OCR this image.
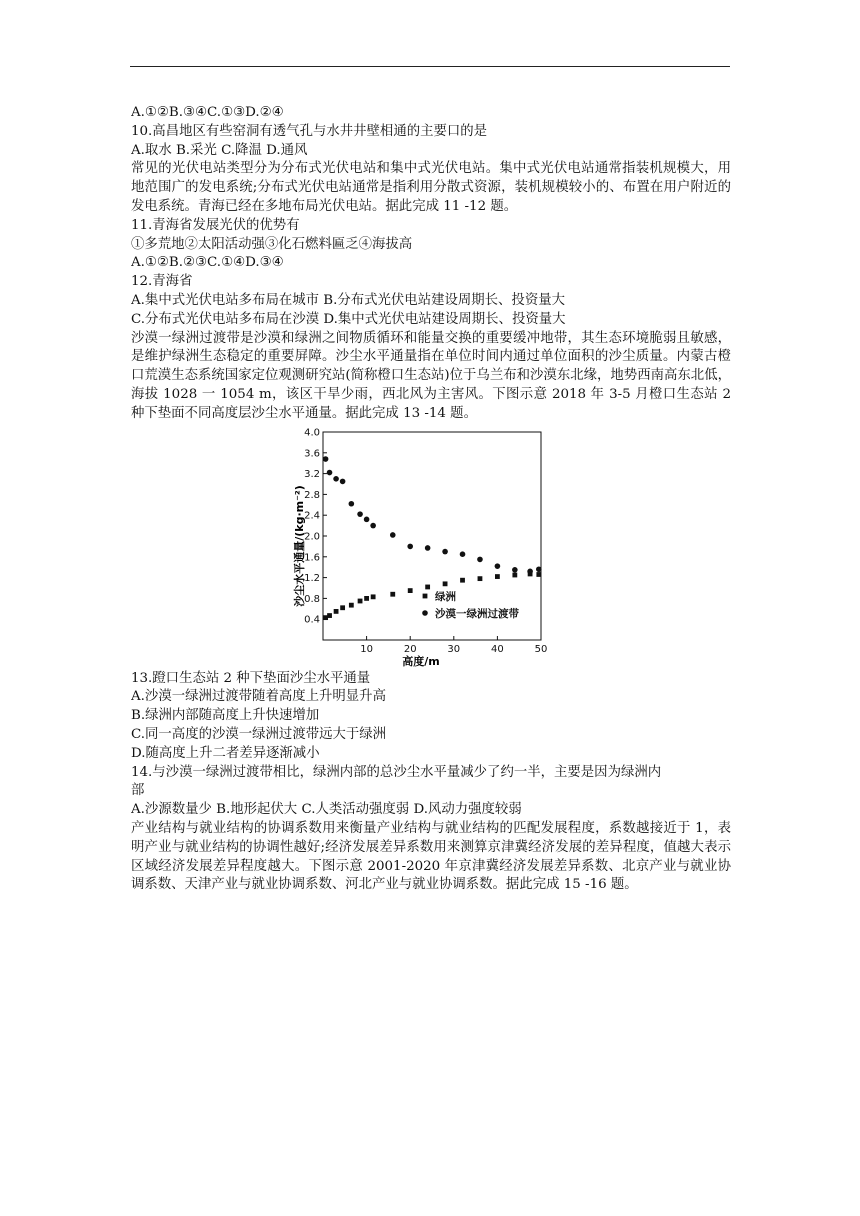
A.①②B.③④C.①③D.②④
10.高昌地区有些窑洞有透气孔与水井井壁相通的主要口的是
A.取水 B.采光 C.降温 D.通风
常见的光伏电站类型分为分布式光伏电站和集中式光伏电站。集中式光伏电站通常指装机规模大，用地范围广的发电系统;分布式光伏电站通常是指利用分散式资源，装机规模较小的、布置在用户附近的发电系统。青海已经在多地布局光伏电站。据此完成 11 -12 题。
11.青海省发展光伏的优势有
①多荒地②太阳活动强③化石燃料匾乏④海拔高
A.①②B.②③C.①④D.③④
12.青海省
A.集中式光伏电站多布局在城市 B.分布式光伏电站建设周期长、投资量大
C.分布式光伏电站多布局在沙漠 D.集中式光伏电站建设周期长、投资量大
沙漠一绿洲过渡带是沙漠和绿洲之间物质循环和能量交换的重要缓冲地带，其生态环境脆弱且敏感，是维护绿洲生态稳定的重要屏障。沙尘水平通量指在单位时间内通过单位面积的沙尘质量。内蒙古橙口荒漠生态系统国家定位观测研究站(简称橙口生态站)位于乌兰布和沙漠东北缘，地势西南高东北低，海拔 1028 一 1054 m，该区干旱少雨，西北风为主害风。下图示意 2018 年 3-5 月橙口生态站 2 种下垫面不同高度层沙尘水平通量。据此完成 13 -14 题。
0.4
0.8
1.2
1.6
2.0
2.4
2.8
3.2
3.6
4.0
10	20	30	40	50
绿洲
沙漠一绿洲过渡带
沙尘水平通量/(kg·m⁻²)
高度/m
13.蹬口生态站 2 种下垫面沙尘水平通量
A.沙漠一绿洲过渡带随着高度上升明显升高
B.绿洲内部随高度上升快速增加
C.同一高度的沙漠一绿洲过渡带远大于绿洲
D.随高度上升二者差异逐渐减小
14.与沙漠一绿洲过渡带相比，绿洲内部的总沙尘水平量减少了约一半，主要是因为绿洲内
部
A.沙源数量少 B.地形起伏大 C.人类活动强度弱 D.风动力强度较弱
产业结构与就业结构的协调系数用来衡量产业结构与就业结构的匹配发展程度，系数越接近于 1，表明产业与就业结构的协调性越好;经济发展差异系数用来测算京津冀经济发展的差异程度，值越大表示区域经济发展差异程度越大。下图示意 2001-2020 年京津冀经济发展差异系数、北京产业与就业协调系数、天津产业与就业协调系数、河北产业与就业协调系数。据此完成 15 -16 题。
